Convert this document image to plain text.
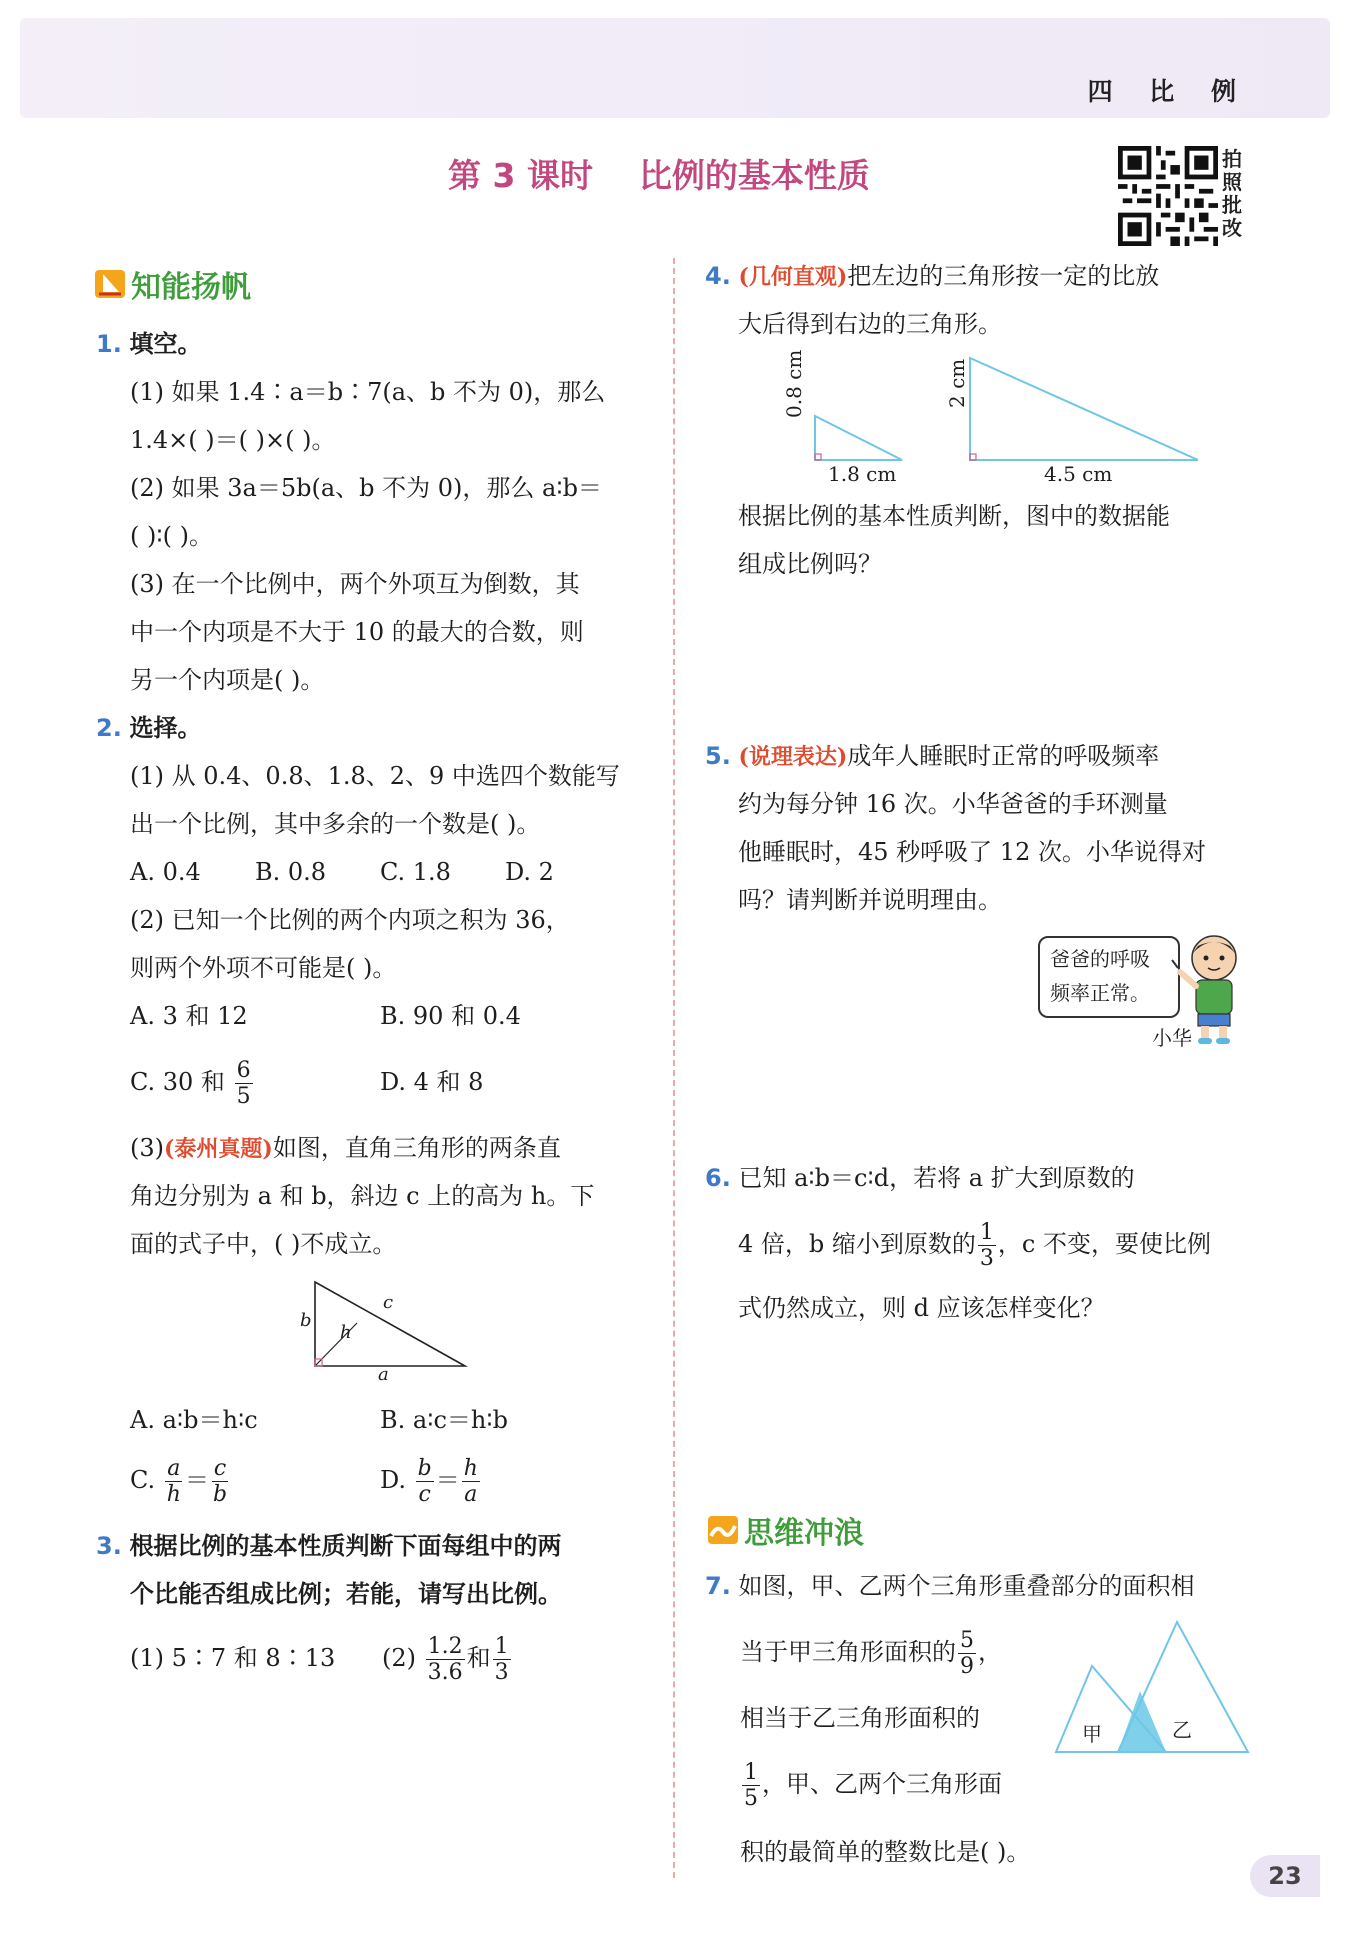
四 比 例
第 3 课时    比例的基本性质	拍
照
批
改
知能扬帆
1. 填空。
(1) 如果 1.4∶a＝b∶7(a、b 不为 0)，那么
1.4×( )＝( )×( )。
(2) 如果 3a＝5b(a、b 不为 0)，那么 a∶b＝
( )∶( )。
(3) 在一个比例中，两个外项互为倒数，其
中一个内项是不大于 10 的最大的合数，则
另一个内项是( )。
2. 选择。
(1) 从 0.4、0.8、1.8、2、9 中选四个数能写
出一个比例，其中多余的一个数是( )。
A. 0.4 B. 0.8 C. 1.8 D. 2
(2) 已知一个比例的两个内项之积为 36，
则两个外项不可能是( )。
A. 3 和 12	B. 90 和 0.4
C. 30 和 $\frac{6}{5}$	D. 4 和 8
(3)(泰州真题)如图，直角三角形的两条直
角边分别为 a 和 b，斜边 c 上的高为 h。下
面的式子中，( )不成立。
b
c
h
a
A. a∶b＝h∶c	B. a∶c＝h∶b
C. $\frac{a}{h} = \frac{c}{b}$	D. $\frac{b}{c} = \frac{h}{a}$
3. 根据比例的基本性质判断下面每组中的两
个比能否组成比例；若能，请写出比例。
(1) 5∶7 和 8∶13 $(2) \frac{1.2}{3.6}$ 和 $\frac{1}{3}$
4. (几何直观)把左边的三角形按一定的比放
大后得到右边的三角形。
0.8 cm
1.8 cm
2 cm
4.5 cm
根据比例的基本性质判断，图中的数据能
组成比例吗？
5. (说理表达)成年人睡眠时正常的呼吸频率
约为每分钟 16 次。小华爸爸的手环测量
他睡眠时，45 秒呼吸了 12 次。小华说得对
吗？请判断并说明理由。
爸爸的呼吸
频率正常。
小华
6. 已知 a∶b＝c∶d，若将 a 扩大到原数的
4 倍，b 缩小到原数的 $\frac{1}{3}$ ，c 不变，要使比例
式仍然成立，则 d 应该怎样变化？
思维冲浪
7. 如图，甲、乙两个三角形重叠部分的面积相
当于甲三角形面积的 $\frac{5}{9}$ ，
相当于乙三角形面积的
$\frac{1}{5}$ ，甲、乙两个三角形面
积的最简单的整数比是( )。
甲	乙
23
